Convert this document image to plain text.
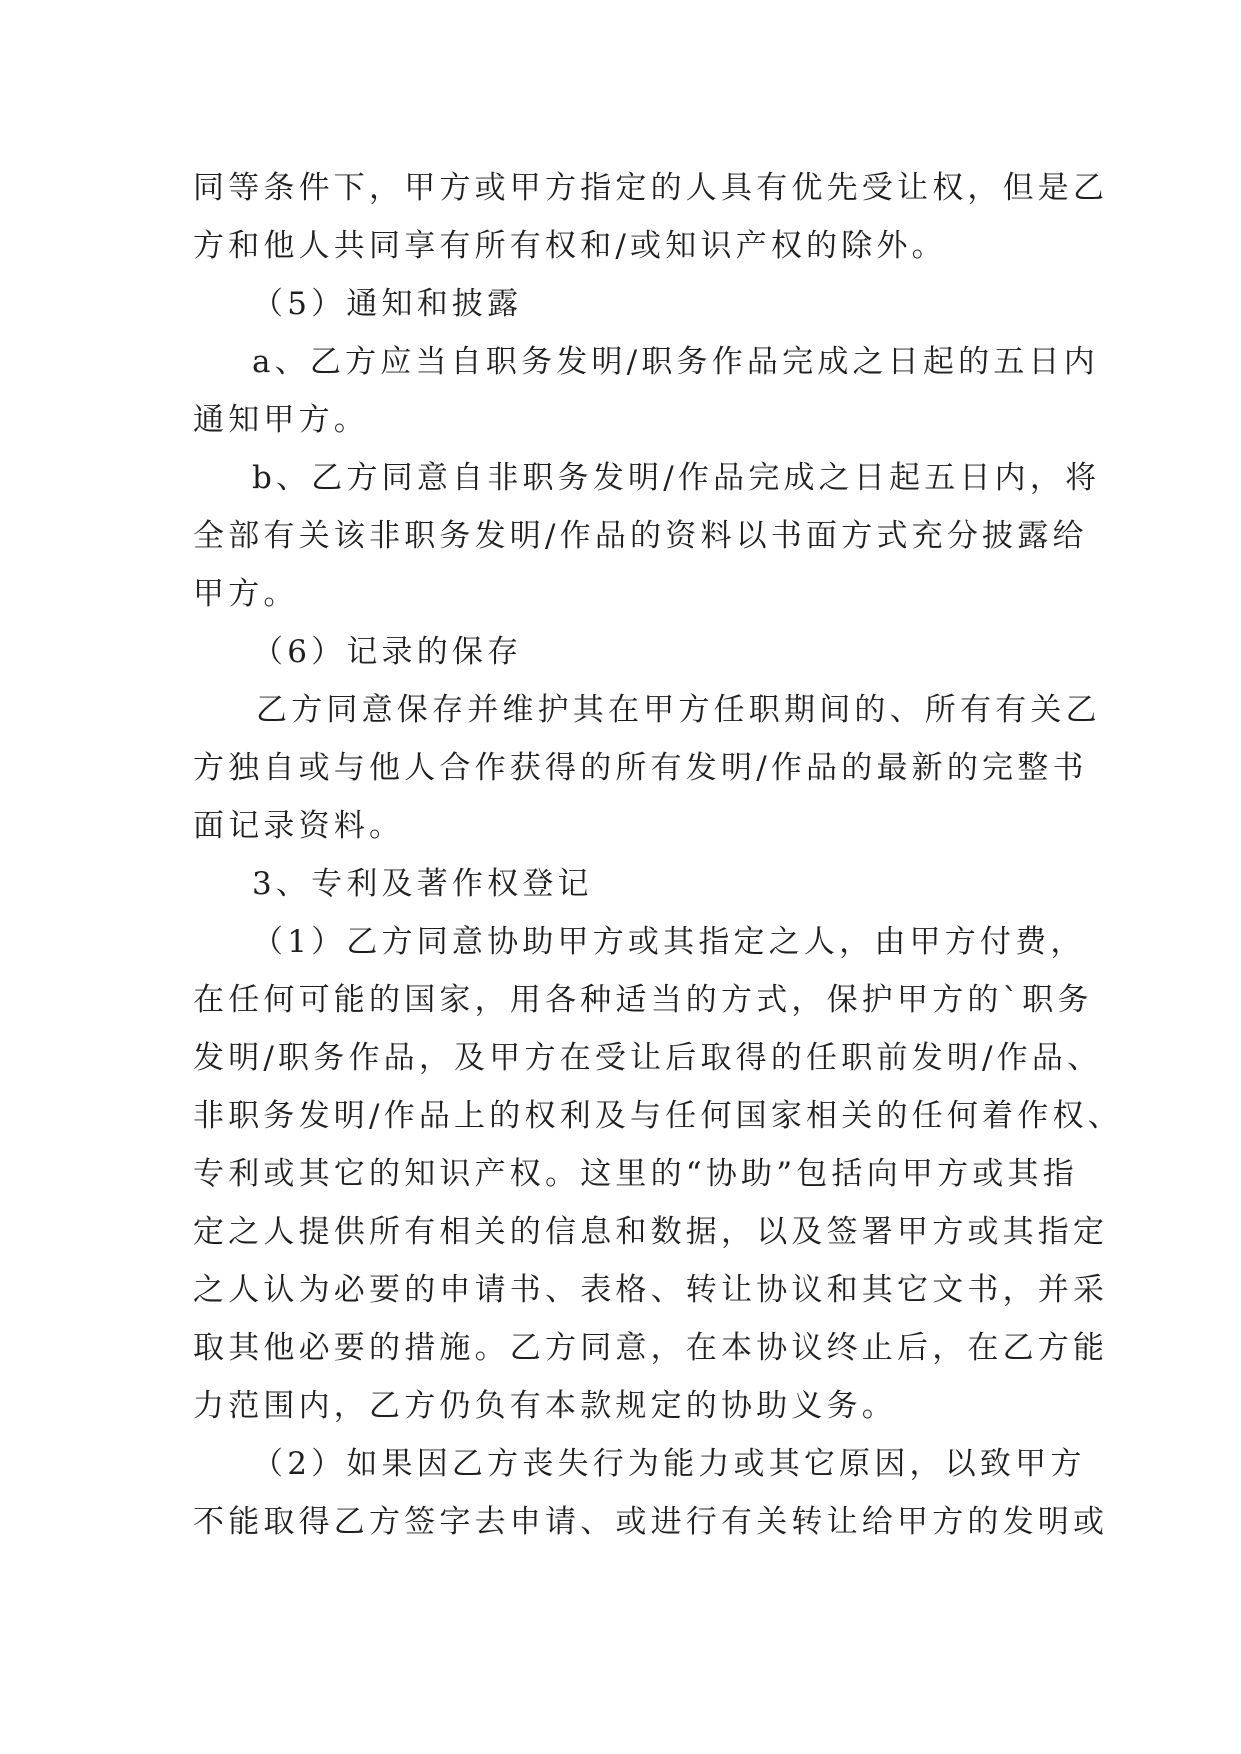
同等条件下，甲方或甲方指定的人具有优先受让权，但是乙
方和他人共同享有所有权和/或知识产权的除外。
（5）通知和披露
a、乙方应当自职务发明/职务作品完成之日起的五日内
通知甲方。
b、乙方同意自非职务发明/作品完成之日起五日内，将
全部有关该非职务发明/作品的资料以书面方式充分披露给
甲方。
（6）记录的保存
乙方同意保存并维护其在甲方任职期间的、所有有关乙
方独自或与他人合作获得的所有发明/作品的最新的完整书
面记录资料。
3、专利及著作权登记
（1）乙方同意协助甲方或其指定之人，由甲方付费，
在任何可能的国家，用各种适当的方式，保护甲方的`职务
发明/职务作品，及甲方在受让后取得的任职前发明/作品、
非职务发明/作品上的权利及与任何国家相关的任何着作权、
专利或其它的知识产权。这里的“协助”包括向甲方或其指
定之人提供所有相关的信息和数据，以及签署甲方或其指定
之人认为必要的申请书、表格、转让协议和其它文书，并采
取其他必要的措施。乙方同意，在本协议终止后，在乙方能
力范围内，乙方仍负有本款规定的协助义务。
（2）如果因乙方丧失行为能力或其它原因，以致甲方
不能取得乙方签字去申请、或进行有关转让给甲方的发明或
